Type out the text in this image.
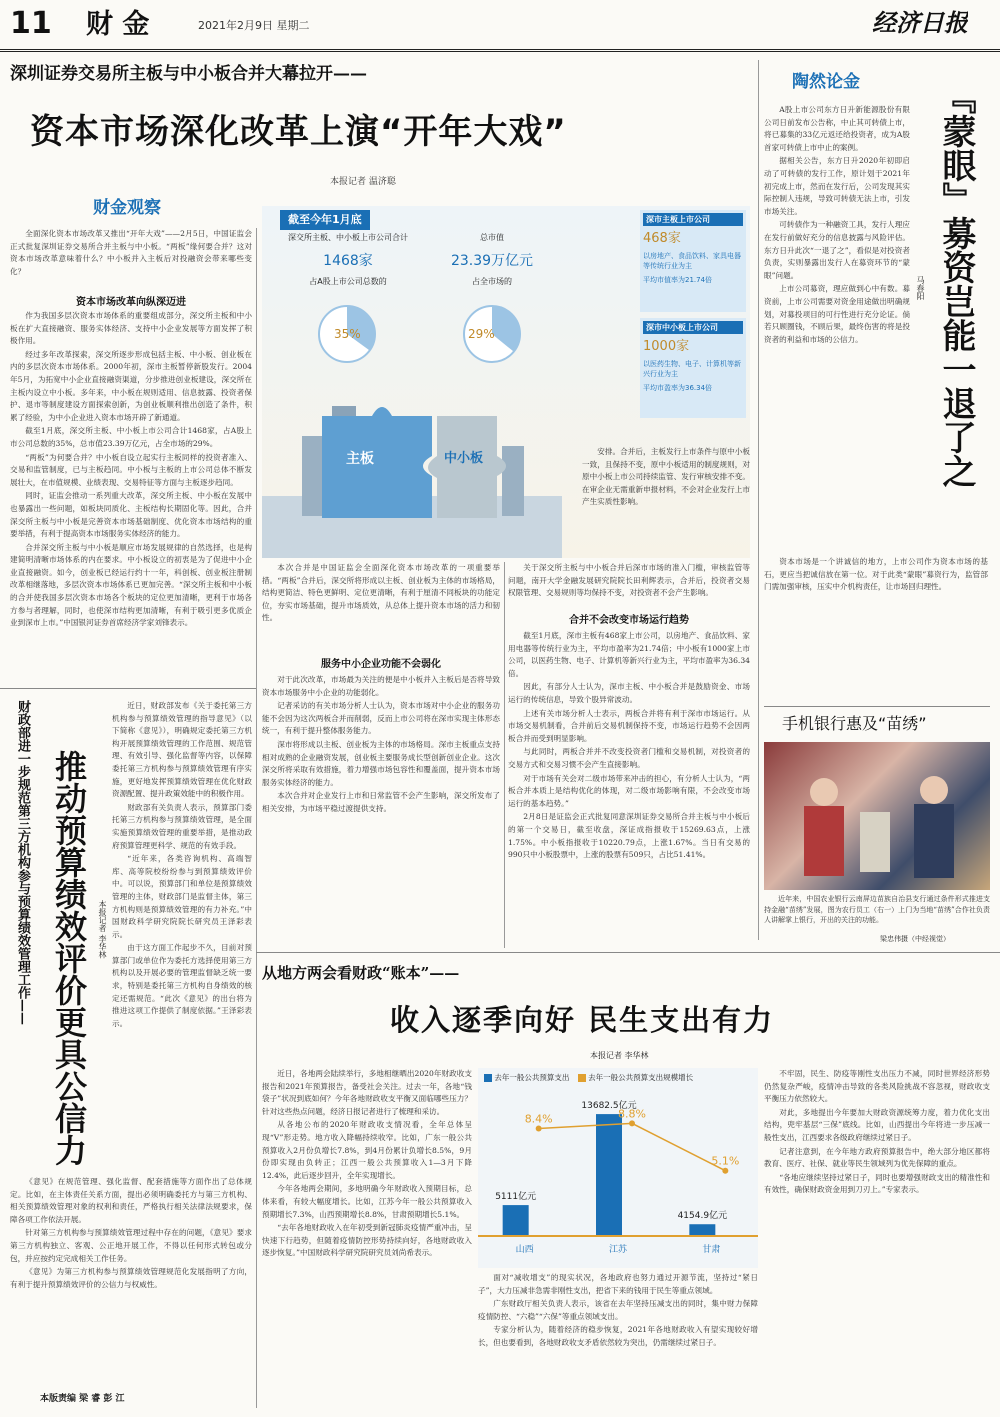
11 财 金	2021年2月9日 星期二	经济日报
深圳证券交易所主板与中小板合并大幕拉开——
资本市场深化改革上演“开年大戏”
本报记者 温济聪
财金观察

全面深化资本市场改革又推出“开年大戏”——2月5日，中国证监会正式批复深圳证券交易所合并主板与中小板。“两板”缘何要合并？这对资本市场改革意味着什么？中小板并入主板后对投融资会带来哪些变化？

资本市场改革向纵深迈进

作为我国多层次资本市场体系的重要组成部分，深交所主板和中小板在扩大直接融资、服务实体经济、支持中小企业发展等方面发挥了积极作用。

经过多年改革探索，深交所逐步形成包括主板、中小板、创业板在内的多层次资本市场体系。2000年初，深市主板暂停新股发行。2004年5月，为拓宽中小企业直接融资渠道，分步推进创业板建设，深交所在主板内设立中小板。多年来，中小板在规则适用、信息披露、投资者保护、退市等制度建设方面探索创新，为创业板顺利推出创造了条件，积累了经验，为中小企业进入资本市场开辟了新通道。

截至1月底，深交所主板、中小板上市公司合计1468家，占A股上市公司总数的35%，总市值23.39万亿元，占全市场的29%。

“两板”为何要合并？中小板自设立起实行主板同样的投资者准入、交易和监管制度，已与主板趋同。中小板与主板的上市公司总体不断发展壮大，在市值规模、业绩表现、交易特征等方面与主板逐步趋同。

同时，证监会推动一系列重大改革，深交所主板、中小板在发展中也暴露出一些问题，如板块同质化、主板结构长期固化等。因此，合并深交所主板与中小板是完善资本市场基础制度、优化资本市场结构的重要举措，有利于提高资本市场服务实体经济的能力。

合并深交所主板与中小板是顺应市场发展规律的自然选择，也是构建简明清晰市场体系的内在要求。中小板设立的初衷是为了促进中小企业直接融资。如今，创业板已经运行约十一年，科创板、创业板注册制改革相继落地，多层次资本市场体系已更加完善。“深交所主板和中小板的合并使我国多层次资本市场各个板块的定位更加清晰，更利于市场各方参与者理解，同时，也使深市结构更加清晰，有利于吸引更多优质企业到深市上市。”中国银河证券首席经济学家刘锋表示。

截至今年1月底
深交所主板、中小板上市公司合计
1468家
占A股上市公司总数的
总市值
23.39万亿元
占全市场的
35%	29%
深市主板上市公司
468家
以房地产、食品饮料、家具电器等传统行业为主
平均市值率为21.74倍
深市中小板上市公司
1000家
以医药生物、电子、计算机等新兴行业为主
平均市盈率为36.34倍
主板	中小板	安排。合并后，主板发行上市条件与原中小板一致，且保持不变，原中小板适用的制度规则，对原中小板上市公司持续监管、发行审核安排不变。在审企业无需重新申报材料，不会对企业发行上市产生实质性影响。

本次合并是中国证监会全面深化资本市场改革的一项重要举措。“两板”合并后，深交所将形成以主板、创业板为主体的市场格局，结构更简洁、特色更鲜明、定位更清晰，有利于厘清不同板块的功能定位，夯实市场基础，提升市场质效，从总体上提升资本市场的活力和韧性。

服务中小企业功能不会弱化

对于此次改革，市场最为关注的便是中小板并入主板后是否将导致资本市场服务中小企业的功能弱化。

记者采访的有关市场分析人士认为，资本市场对中小企业的服务功能不会因为这次两板合并而削弱，反而上市公司将在深市实现主体形态统一，有利于提升整体服务能力。

深市将形成以主板、创业板为主体的市场格局。深市主板重点支持相对成熟的企业融资发展，创业板主要服务成长型创新创业企业。这次深交所将采取有效措施，着力增强市场包容性和覆盖面，提升资本市场服务实体经济的能力。

本次合并对企业发行上市和日常监管不会产生影响，深交所发布了相关安排，为市场平稳过渡提供支持。

关于深交所主板与中小板合并后深市市场的准入门槛，审核监管等问题，南开大学金融发展研究院院长田利辉表示，合并后，投资者交易权限管理、交易规则等均保持不变，对投资者不会产生影响。

合并不会改变市场运行趋势

截至1月底，深市主板有468家上市公司，以房地产、食品饮料、家用电器等传统行业为主，平均市盈率为21.74倍；中小板有1000家上市公司，以医药生物、电子、计算机等新兴行业为主，平均市盈率为36.34倍。

因此，有部分人士认为，深市主板、中小板合并是鼓励资金、市场运行的传统信息，导致个股异常波动。

上述有关市场分析人士表示，两板合并将有利于深市市场运行。从市场交易机制看，合并前后交易机制保持不变，市场运行趋势不会因两板合并而受到明显影响。

与此同时，两板合并并不改变投资者门槛和交易机制，对投资者的交易方式和交易习惯不会产生直接影响。

对于市场有关会对二级市场带来冲击的担心，有分析人士认为，“两板合并本质上是结构优化的体现，对二级市场影响有限，不会改变市场运行的基本趋势。”

2月8日是证监会正式批复同意深圳证券交易所合并主板与中小板后的第一个交易日，截至收盘，深证成指报收于15269.63点，上涨1.75%。中小板指报收于10220.79点，上涨1.67%。当日有交易的990只中小板股票中，上涨的股票有509只，占比51.41%。

陶然论金	『蒙眼』募资岂能一退了之
马春阳

A股上市公司东方日升新能源股份有限公司日前发布公告称，中止其可转债上市，将已募集的33亿元返还给投资者，成为A股首家可转债上市中止的案例。

据相关公告，东方日升2020年初即启动了可转债的发行工作，原计划于2021年初完成上市，然而在发行后，公司发现其实际控制人违规，导致可转债无法上市，引发市场关注。

可转债作为一种融资工具，发行人理应在发行前做好充分的信息披露与风险评估。东方日升此次“一退了之”，看似是对投资者负责，实则暴露出发行人在募资环节的“蒙眼”问题。

上市公司募资，理应做到心中有数。募资前，上市公司需要对资金用途做出明确规划，对募投项目的可行性进行充分论证。倘若只顾圈钱，不顾后果，最终伤害的将是投资者的利益和市场的公信力。

资本市场是一个讲诚信的地方，上市公司作为资本市场的基石，更应当把诚信放在第一位。对于此类“蒙眼”募资行为，监管部门需加强审核，压实中介机构责任，让市场回归理性。

手机银行惠及“苗绣”

近年来，中国农业银行云南屏边苗族自治县支行通过条件形式推进支持金融“苗绣”发展，图为农行员工（右一）上门为当地“苗绣”合作社负责人讲解掌上银行，开出的关注的功能。

梁忠伟摄（中经视觉）
财政部进一步规范第三方机构参与预算绩效管理工作—— 推动预算绩效评价更具公信力	本报记者 李华林

近日，财政部发布《关于委托第三方机构参与预算绩效管理的指导意见》（以下简称《意见》），明确规定委托第三方机构开展预算绩效管理的工作范围、规范管理、有效引导、强化监督等内容，以保障委托第三方机构参与预算绩效管理有序实施，更好地发挥预算绩效管理在优化财政资源配置、提升政策效能中的积极作用。

财政部有关负责人表示，预算部门委托第三方机构参与预算绩效管理，是全面实施预算绩效管理的重要举措，是推动政府预算管理更科学、规范的有效手段。

“近年来，各类咨询机构、高端智库、高等院校纷纷参与到预算绩效评价中。可以说，预算部门和单位是预算绩效管理的主体，财政部门是监督主体，第三方机构则是预算绩效管理的有力补充。”中国财政科学研究院院长研究员王泽彩表示。

由于这方面工作起步不久，目前对预算部门或单位作为委托方选择使用第三方机构以及开展必要的管理监督缺乏统一要求，特别是委托第三方机构自身绩效的核定还需规范。“此次《意见》的出台将为推进这项工作提供了制度依据。”王泽彩表示。

《意见》在规范管理、强化监督、配套措施等方面作出了总体规定。比如，在主体责任关系方面，提出必须明确委托方与第三方机构、相关预算绩效管理对象的权利和责任，严格执行相关法律法规要求，保障各项工作依法开展。

针对第三方机构参与预算绩效管理过程中存在的问题，《意见》要求第三方机构独立、客观、公正地开展工作，不得以任何形式转包或分包，并应按约定完成相关工作任务。

《意见》为第三方机构参与预算绩效管理规范化发展指明了方向，有利于提升预算绩效评价的公信力与权威性。

本版责编 梁 睿 彭 江
从地方两会看财政“账本”——
收入逐季向好 民生支出有力
本报记者 李华林

近日，各地两会陆续举行，多地相继晒出2020年财政收支报告和2021年预算报告，备受社会关注。过去一年，各地“钱袋子”状况到底如何？今年各地财政收支平衡又面临哪些压力？针对这些热点问题，经济日报记者进行了梳理和采访。

从各地公布的2020年财政收支情况看，全年总体呈现“V”形走势。地方收入降幅持续收窄。比如，广东一般公共预算收入2月份负增长7.8%，到4月份累计负增长8.5%，9月份即实现由负转正；江西一般公共预算收入1—3月下降12.4%，此后逐步回升，全年实现增长。

今年各地两会期间，多地明确今年财政收入预期目标，总体来看，有较大幅度增长。比如，江苏今年一般公共预算收入预期增长7.3%，山西预期增长8.8%，甘肃预期增长5.1%。

“去年各地财政收入在年初受到新冠肺炎疫情严重冲击，呈快速下行趋势，但随着疫情防控形势持续向好，各地财政收入逐步恢复。”中国财政科学研究院研究员刘尚希表示。

去年一般公共预算支出	去年一般公共预算支出规模增长
5111亿元
8.4%
山西
13682.5亿元
8.8%
江苏
4154.9亿元
5.1%
甘肃

面对“减收增支”的现实状况，各地政府也努力通过开源节流，坚持过“紧日子”，大力压减非急需非刚性支出，把省下来的钱用于民生等重点领域。

广东财政厅相关负责人表示，该省在去年坚持压减支出的同时，集中财力保障疫情防控、“六稳”“六保”等重点领域支出。

专家分析认为，随着经济的稳步恢复，2021年各地财政收入有望实现较好增长，但也要看到，各地财政收支矛盾依然较为突出，仍需继续过紧日子。

不牢固，民生、防疫等刚性支出压力不减，同时世界经济形势仍然复杂严峻，疫情冲击导致的各类风险挑战不容忽视，财政收支平衡压力依然较大。

对此，多地提出今年要加大财政资源统筹力度，着力优化支出结构，兜牢基层“三保”底线。比如，山西提出今年将进一步压减一般性支出，江西要求各级政府继续过紧日子。

记者注意到，在今年地方政府预算报告中，绝大部分地区都将教育、医疗、社保、就业等民生领域列为优先保障的重点。

“各地应继续坚持过紧日子，同时也要增强财政支出的精准性和有效性，确保财政资金用到刀刃上。”专家表示。
